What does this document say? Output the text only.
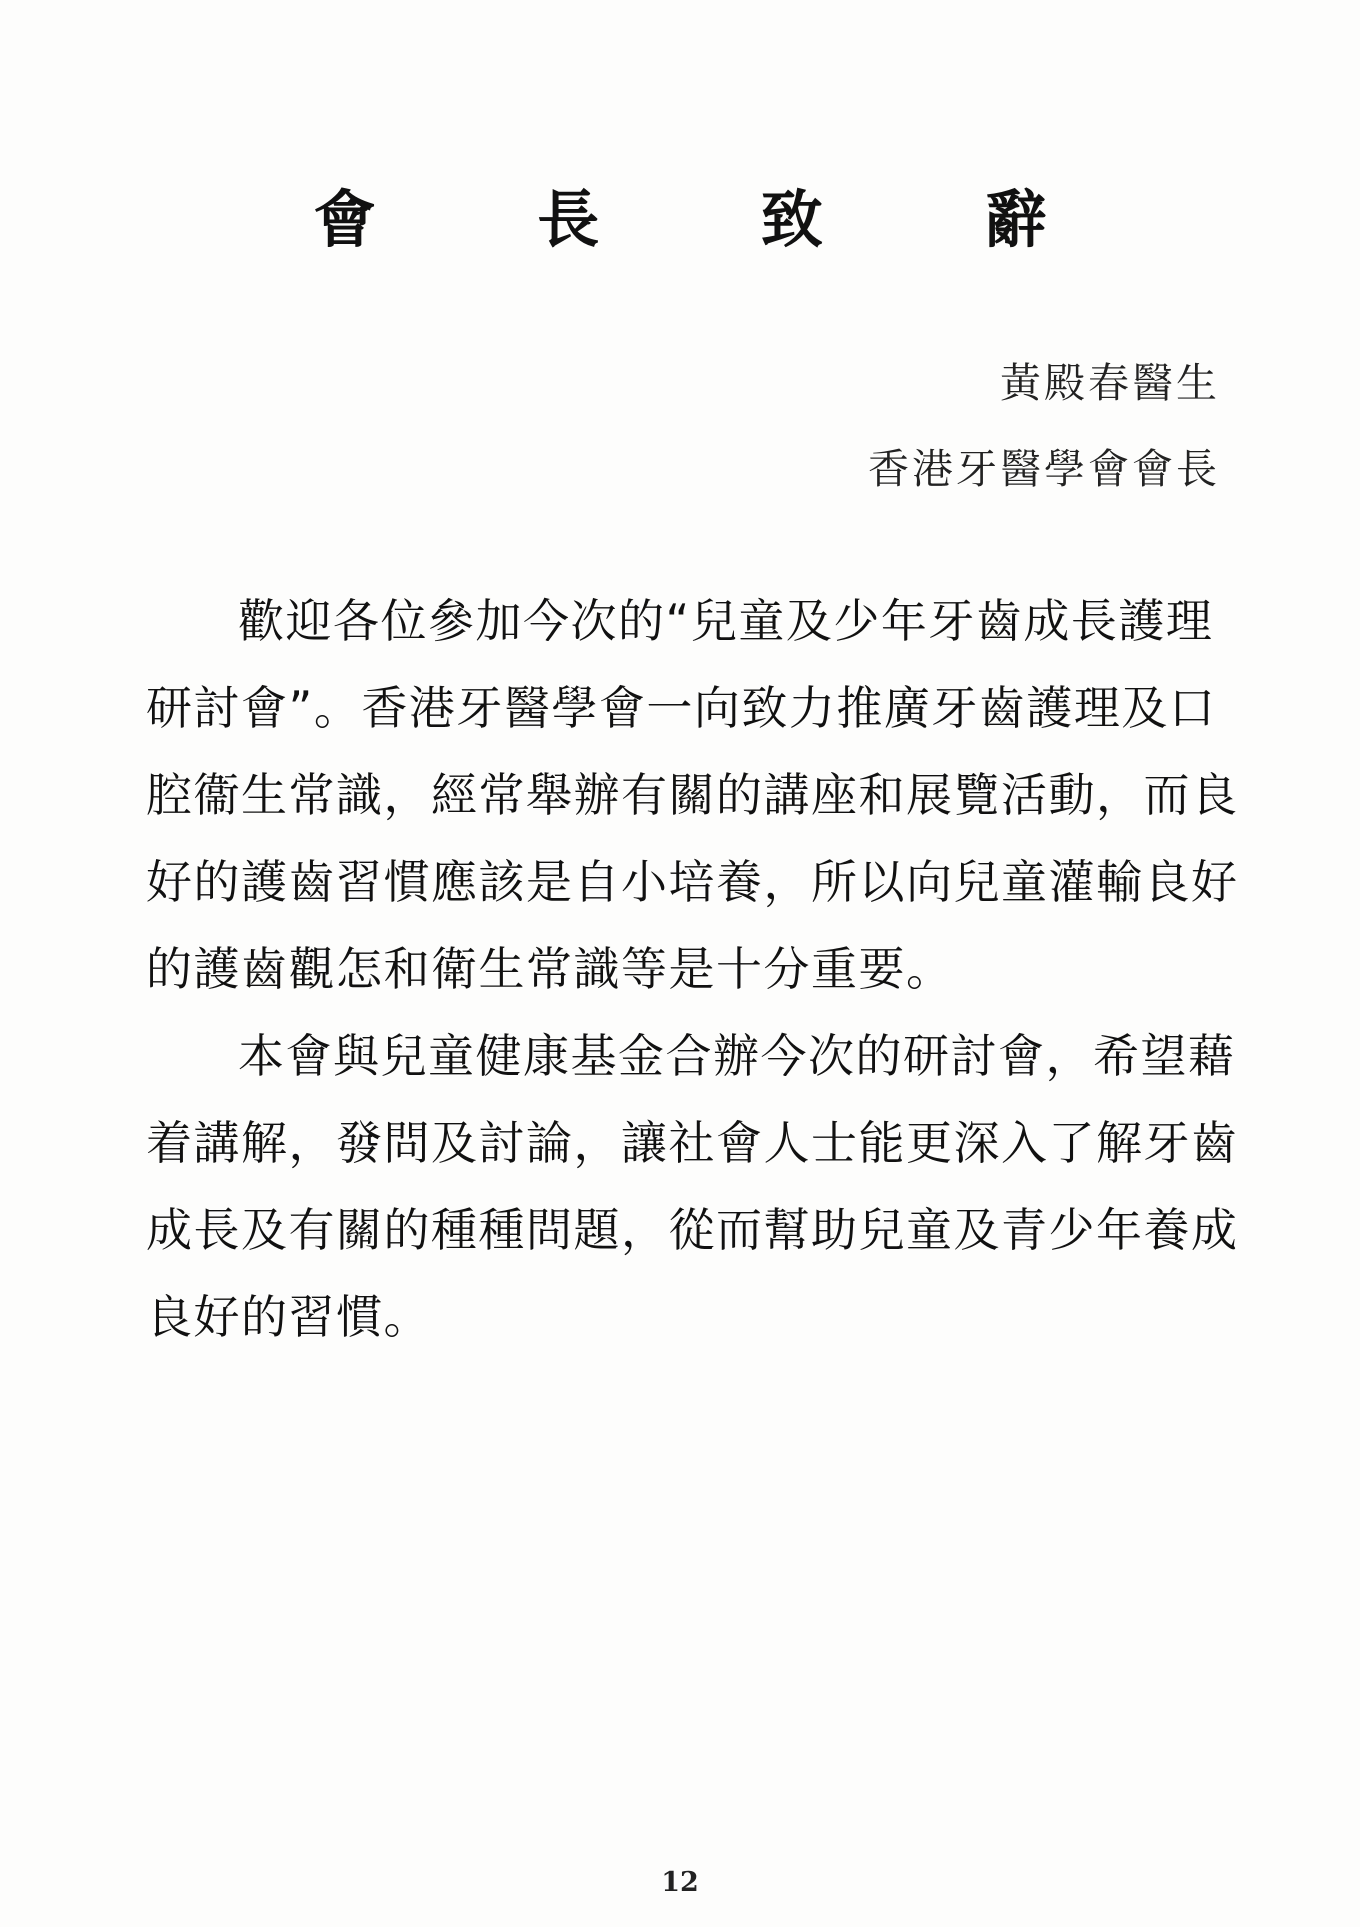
會 長 致 辭
黃殿春醫生
香港牙醫學會會長
歡迎各位參加今次的“兒童及少年牙齒成長護理
研討會”。香港牙醫學會一向致力推廣牙齒護理及口
腔衞生常識，經常舉辦有關的講座和展覽活動，而良
好的護齒習慣應該是自小培養，所以向兒童灌輸良好
的護齒觀怎和衛生常識等是十分重要。
本會與兒童健康基金合辦今次的研討會，希望藉
着講解，發問及討論，讓社會人士能更深入了解牙齒
成長及有關的種種問題，從而幫助兒童及青少年養成
良好的習慣。
12
